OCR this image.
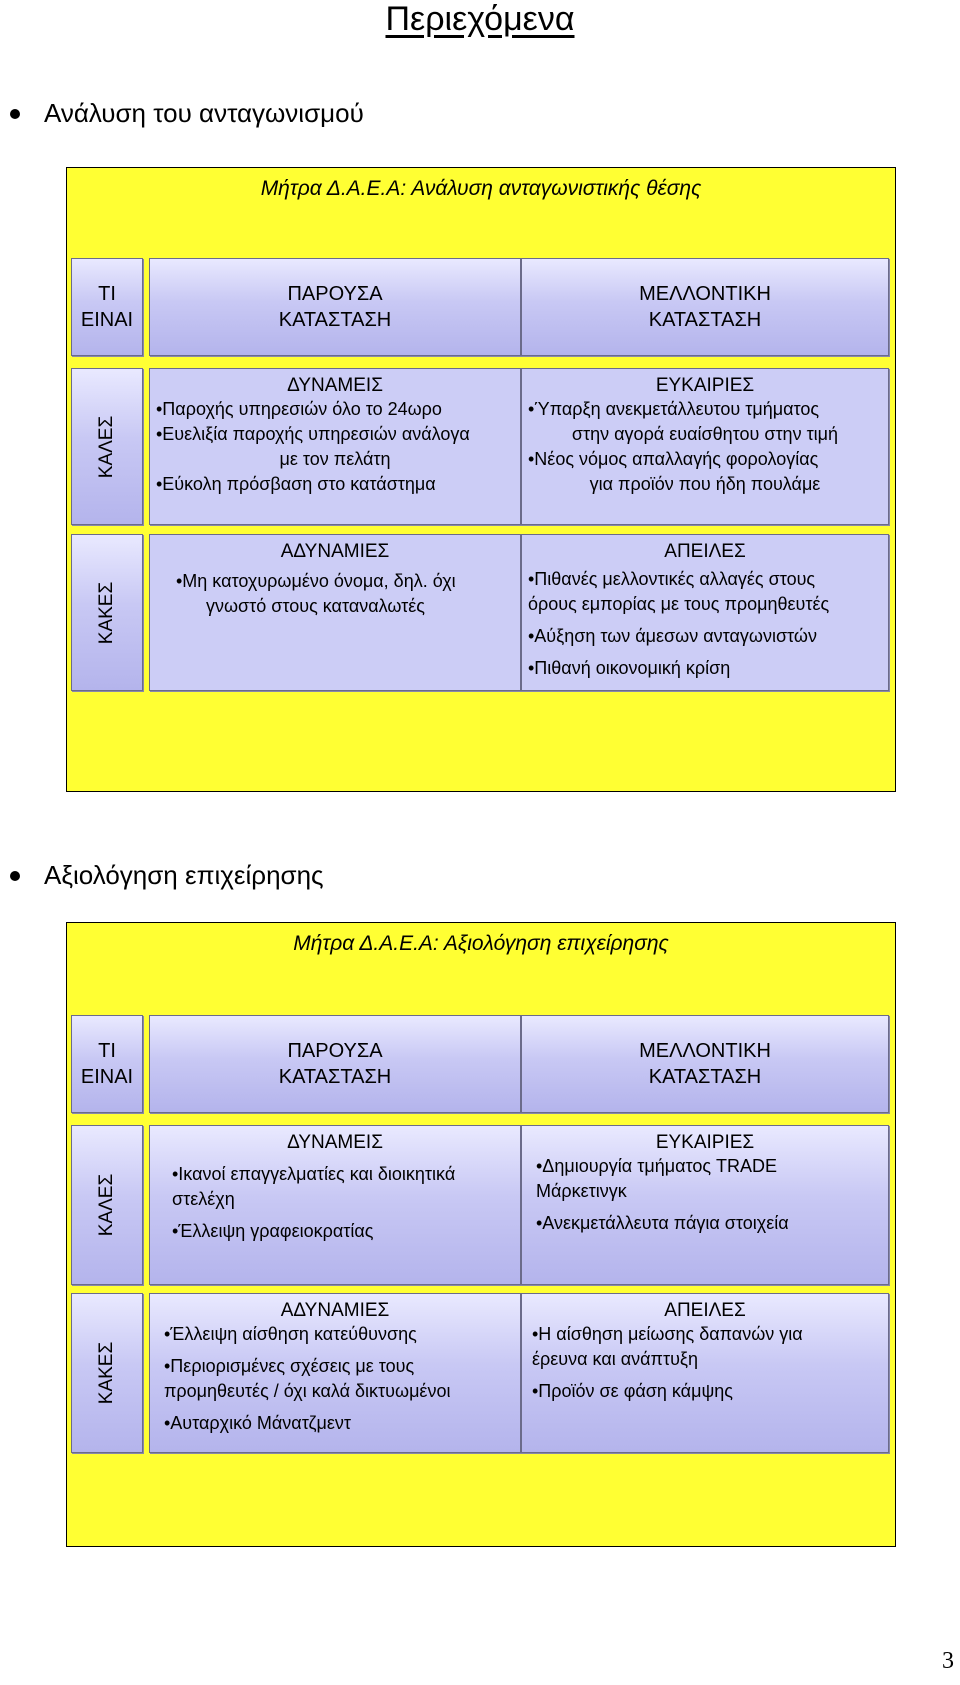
Περιεχόμενα
Ανάλυση του ανταγωνισμού
Μήτρα Δ.Α.Ε.Α: Ανάλυση ανταγωνιστικής θέσης
ΤΙ
ΕΙΝΑΙ
ΠΑΡΟΥΣΑ
ΚΑΤΑΣΤΑΣΗ
ΜΕΛΛΟΝΤΙΚΗ
ΚΑΤΑΣΤΑΣΗ
ΚΑΛΕΣ
ΔΥΝΑΜΕΙΣ
•Παροχής υπηρεσιών όλο το 24ωρο
•Ευελιξία παροχής υπηρεσιών ανάλογα
με τον πελάτη
•Εύκολη πρόσβαση στο κατάστημα
ΕΥΚΑΙΡΙΕΣ
•Ύπαρξη ανεκμετάλλευτου τμήματος
στην αγορά ευαίσθητου στην τιμή
•Νέος νόμος απαλλαγής φορολογίας
για προϊόν που ήδη πουλάμε
ΚΑΚΕΣ
ΑΔΥΝΑΜΙΕΣ
•Μη κατοχυρωμένο όνομα, δηλ. όχι
γνωστό στους καταναλωτές
ΑΠΕΙΛΕΣ
•Πιθανές μελλοντικές αλλαγές στους
όρους εμπορίας με τους προμηθευτές
•Αύξηση των άμεσων ανταγωνιστών
•Πιθανή οικονομική κρίση
Αξιολόγηση επιχείρησης
Μήτρα Δ.Α.Ε.Α: Αξιολόγηση επιχείρησης
ΤΙ
ΕΙΝΑΙ
ΠΑΡΟΥΣΑ
ΚΑΤΑΣΤΑΣΗ
ΜΕΛΛΟΝΤΙΚΗ
ΚΑΤΑΣΤΑΣΗ
ΚΑΛΕΣ
ΔΥΝΑΜΕΙΣ
•Ικανοί επαγγελματίες και διοικητικά
στελέχη
•Έλλειψη γραφειοκρατίας
ΕΥΚΑΙΡΙΕΣ
•Δημιουργία τμήματος TRADE
Μάρκετινγκ
•Ανεκμετάλλευτα πάγια στοιχεία
ΚΑΚΕΣ
ΑΔΥΝΑΜΙΕΣ
•Έλλειψη αίσθηση κατεύθυνσης
•Περιορισμένες σχέσεις με τους
προμηθευτές / όχι καλά δικτυωμένοι
•Αυταρχικό Μάνατζμεντ
ΑΠΕΙΛΕΣ
•Η αίσθηση μείωσης δαπανών για
έρευνα και ανάπτυξη
•Προϊόν σε φάση κάμψης
3
